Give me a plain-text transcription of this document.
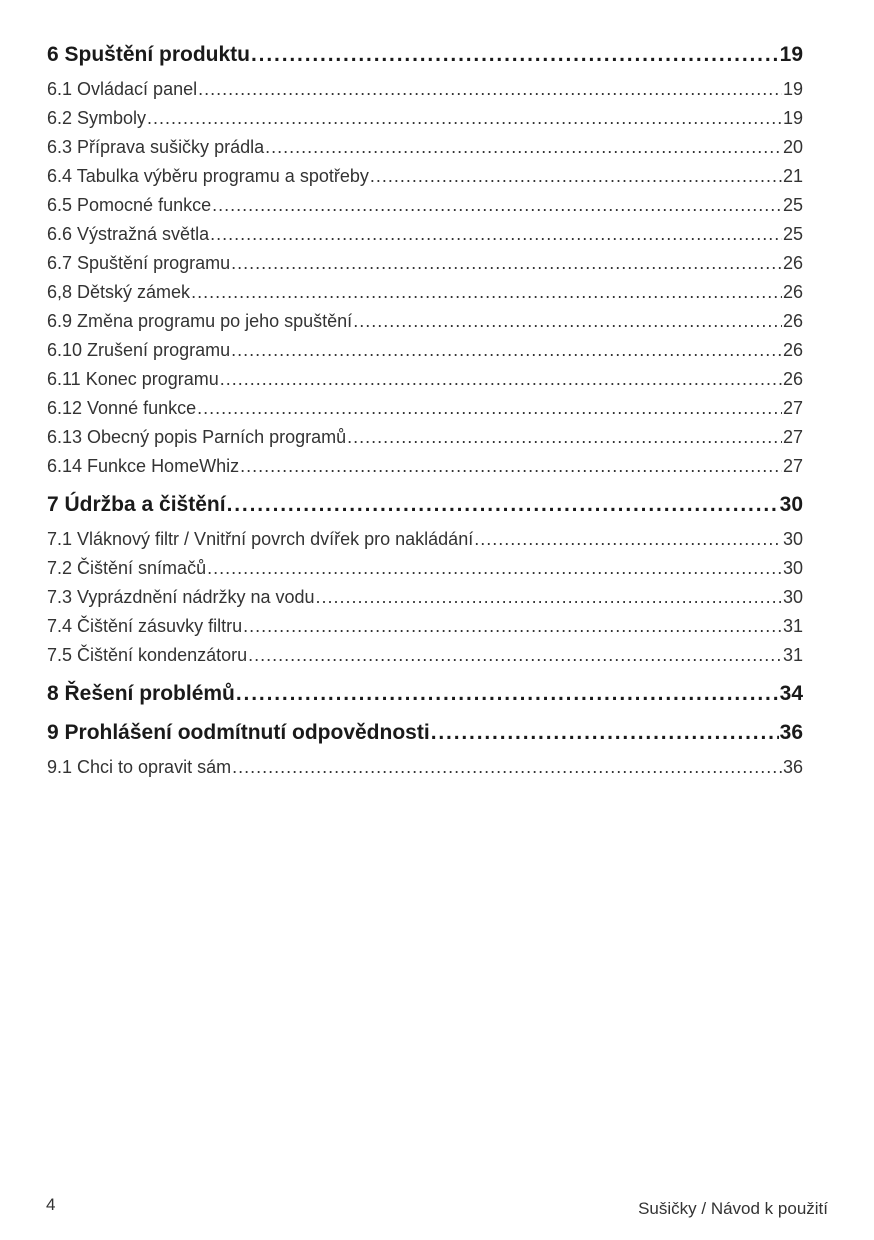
6 Spuštění produktu . . .	19
6.1 Ovládací panel . . .	19
6.2 Symboly . . .	19
6.3 Příprava sušičky prádla . . .	20
6.4 Tabulka výběru programu a spotřeby . . .	21
6.5 Pomocné funkce . . .	25
6.6 Výstražná světla . . .	25
6.7 Spuštění programu . . .	26
6,8 Dětský zámek . . .	26
6.9 Změna programu po jeho spuštění . . .	26
6.10 Zrušení programu . . .	26
6.11 Konec programu . . .	26
6.12 Vonné funkce . . .	27
6.13 Obecný popis Parních programů . . .	27
6.14 Funkce HomeWhiz . . .	27
7 Údržba a čištění . . .	30
7.1 Vláknový filtr / Vnitřní povrch dvířek pro nakládání . . .	30
7.2 Čištění snímačů . . .	30
7.3 Vyprázdnění nádržky na vodu . . .	30
7.4 Čištění zásuvky filtru . . .	31
7.5 Čištění kondenzátoru . . .	31
8 Řešení problémů . . .	34
9 Prohlášení oodmítnutí odpovědnosti . . .	36
9.1 Chci to opravit sám . . .	36
4	Sušičky / Návod k použití
